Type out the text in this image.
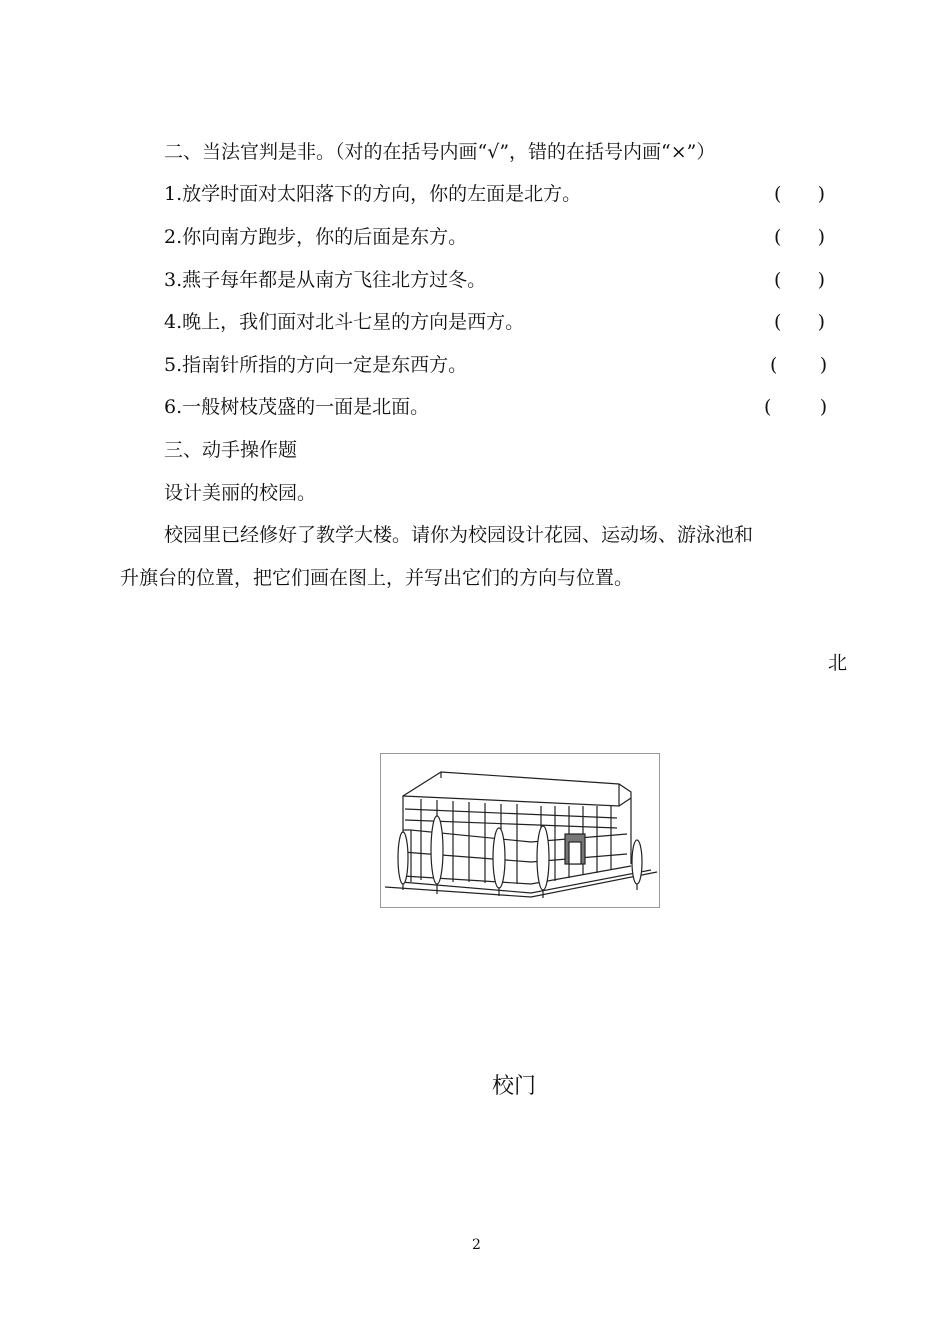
二、当法官判是非。（对的在括号内画“√”，错的在括号内画“×”）
1.放学时面对太阳落下的方向，你的左面是北方。	(      )
2.你向南方跑步，你的后面是东方。	(      )
3.燕子每年都是从南方飞往北方过冬。	(      )
4.晚上，我们面对北斗七星的方向是西方。	(      )
5.指南针所指的方向一定是东西方。	(       )
6.一般树枝茂盛的一面是北面。	(        )
三、动手操作题
设计美丽的校园。
校园里已经修好了教学大楼。请你为校园设计花园、运动场、游泳池和
升旗台的位置，把它们画在图上，并写出它们的方向与位置。
北
校门
2
